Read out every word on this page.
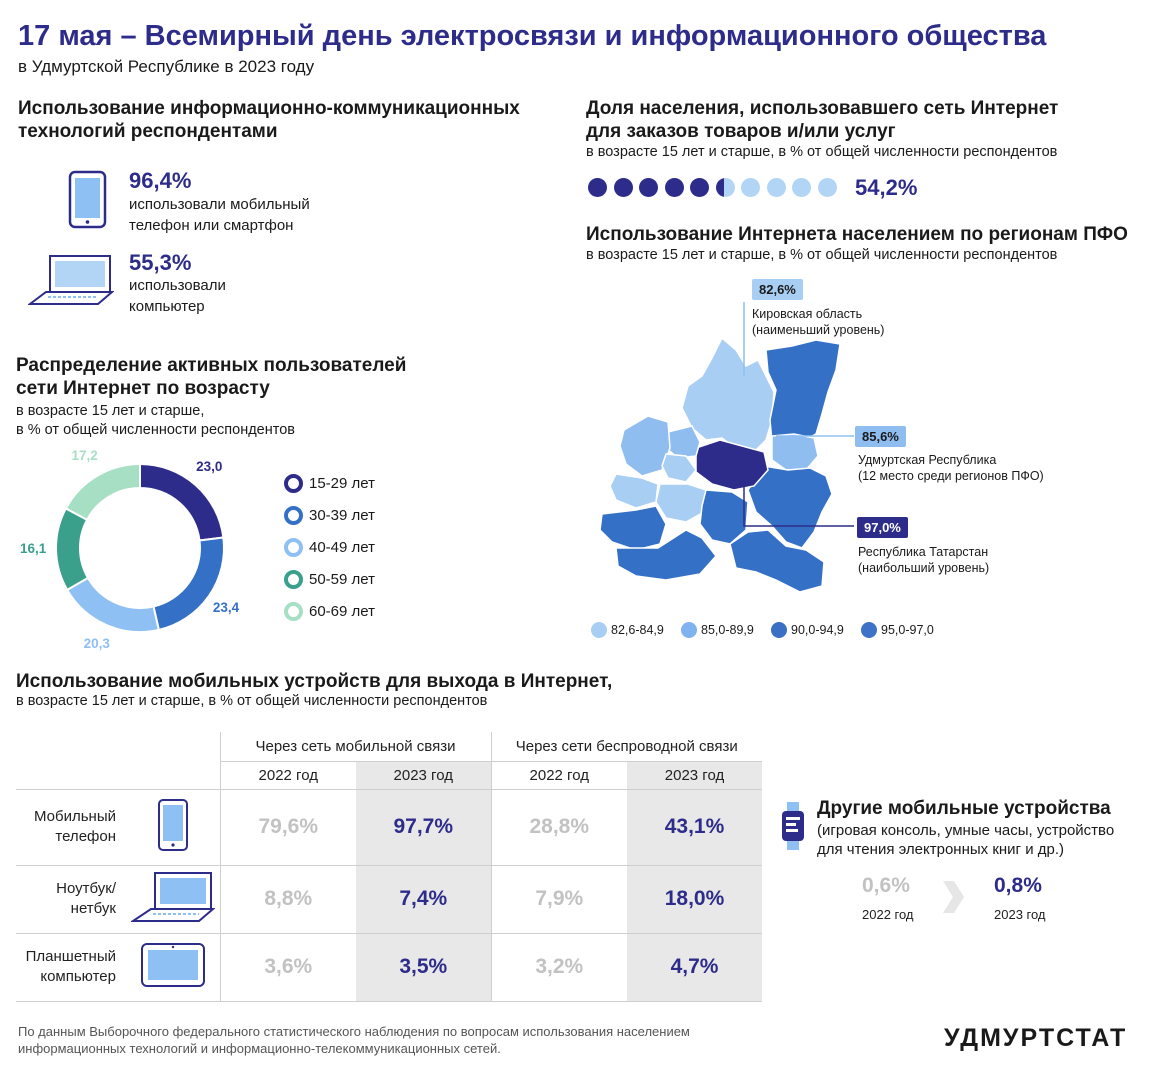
17 мая – Всемирный день электросвязи и информационного общества
в Удмуртской Республике в 2023 году
Использование информационно-коммуникационных
технологий респондентами
96,4%
использовали мобильный
телефон или смартфон
55,3%
использовали
компьютер
Доля населения, использовавшего сеть Интернет
для заказов товаров и/или услуг
в возрасте 15 лет и старше, в % от общей численности респондентов
54,2%
Распределение активных пользователей
сети Интернет по возрасту
в возрасте 15 лет и старше,
в % от общей численности респондентов
23,0
23,4
20,3
16,1
17,2
15-29 лет
30-39 лет
40-49 лет
50-59 лет
60-69 лет
Использование Интернета населением по регионам ПФО
в возрасте 15 лет и старше, в % от общей численности респондентов
82,6%
Кировская область
(наименьший уровень)
85,6%
Удмуртская Республика
(12 место среди регионов ПФО)
97,0%
Республика Татарстан
(наибольший уровень)
82,6-84,9	85,0-89,9	90,0-94,9	95,0-97,0
Использование мобильных устройств для выхода в Интернет,
в возрасте 15 лет и старше, в % от общей численности респондентов
		Через сеть мобильной связи		Через сети беспроводной связи	
		2022 год	2023 год	2022 год	2023 год

Мобильный
телефон		79,6%	97,7%	28,8%	43,1%

Ноутбук/
нетбук		8,8%	7,4%	7,9%	18,0%

Планшетный
компьютер		3,6%	3,5%	3,2%	4,7%
Другие мобильные устройства
(игровая консоль, умные часы, устройство
для чтения электронных книг и др.)
0,6%
2022 год
0,8%
2023 год
По данным Выборочного федерального статистического наблюдения по вопросам использования населением
информационных технологий и информационно-телекоммуникационных сетей.	УДМУРТСТАТ
